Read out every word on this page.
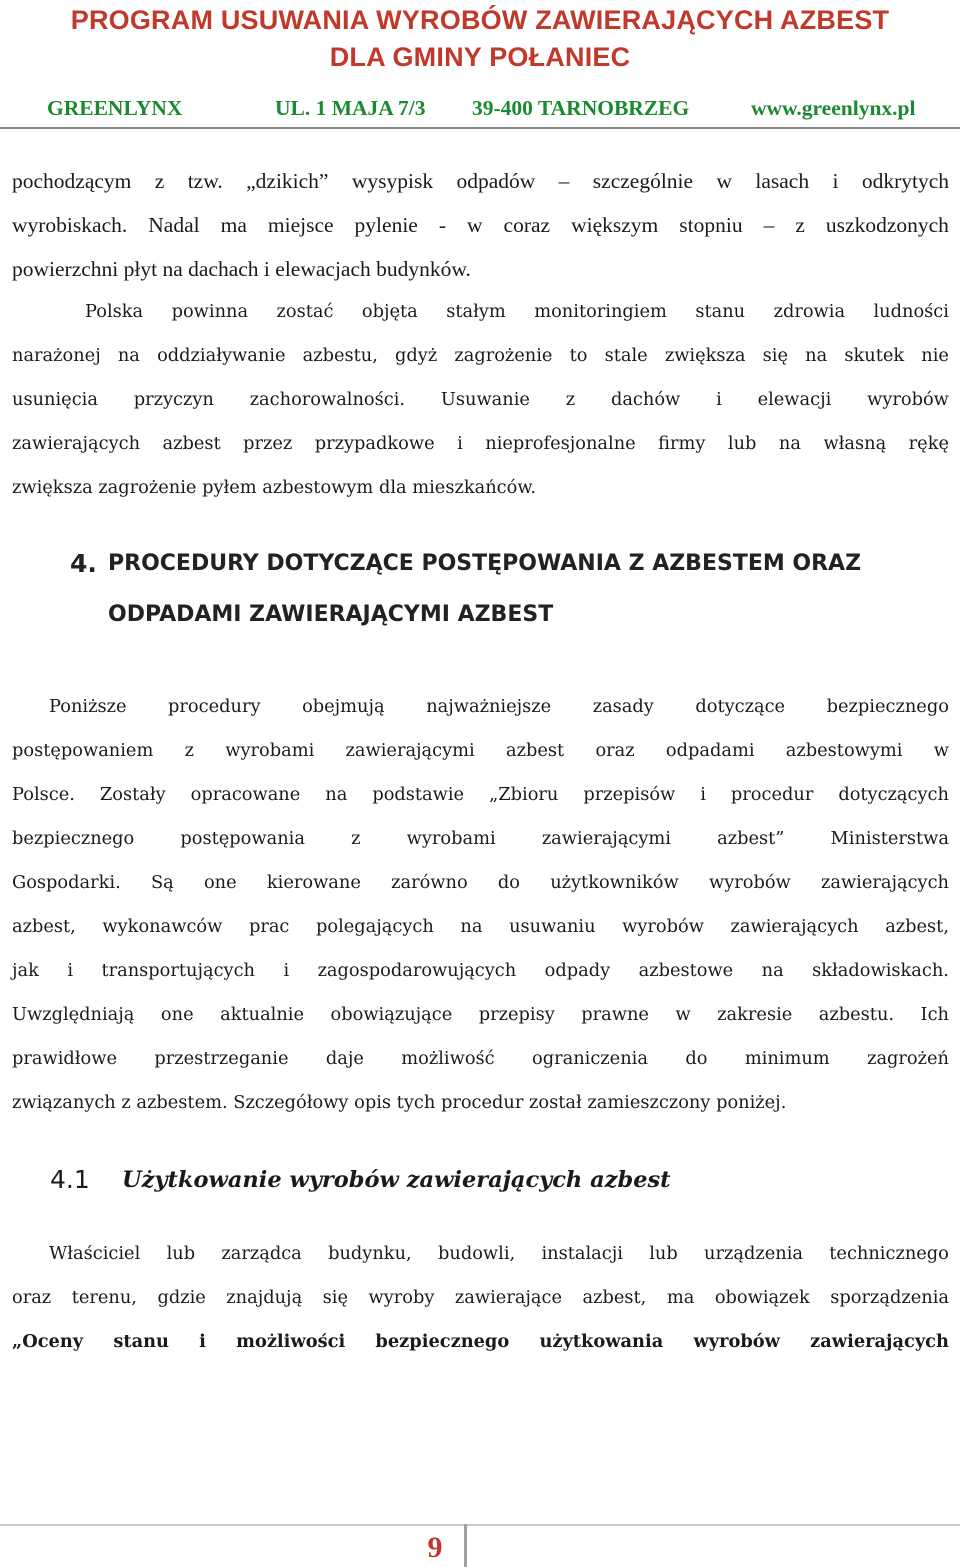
PROGRAM USUWANIA WYROBÓW ZAWIERAJĄCYCH AZBEST
DLA GMINY POŁANIEC
GREENLYNX	UL. 1 MAJA 7/3 39-400 TARNOBRZEG	www.greenlynx.pl
pochodzącym z tzw. „dzikich” wysypisk odpadów – szczególnie w lasach i odkrytych
wyrobiskach. Nadal ma miejsce pylenie - w coraz większym stopniu – z uszkodzonych
powierzchni płyt na dachach i elewacjach budynków.
Polska powinna zostać objęta stałym monitoringiem stanu zdrowia ludności
narażonej na oddziaływanie azbestu, gdyż zagrożenie to stale zwiększa się na skutek nie
usunięcia przyczyn zachorowalności. Usuwanie z dachów i elewacji wyrobów
zawierających azbest przez przypadkowe i nieprofesjonalne firmy lub na własną rękę
zwiększa zagrożenie pyłem azbestowym dla mieszkańców.
4. PROCEDURY DOTYCZĄCE POSTĘPOWANIA Z AZBESTEM ORAZ
ODPADAMI ZAWIERAJĄCYMI AZBEST
Poniższe procedury obejmują najważniejsze zasady dotyczące bezpiecznego
postępowaniem z wyrobami zawierającymi azbest oraz odpadami azbestowymi w
Polsce. Zostały opracowane na podstawie „Zbioru przepisów i procedur dotyczących
bezpiecznego	postępowania	z	wyrobami	zawierającymi	azbest”	Ministerstwa
Gospodarki. Są one kierowane zarówno do użytkowników wyrobów zawierających
azbest, wykonawców prac polegających na usuwaniu wyrobów zawierających azbest,
jak i transportujących i zagospodarowujących odpady azbestowe na składowiskach.
Uwzględniają one aktualnie obowiązujące przepisy prawne w zakresie azbestu. Ich
prawidłowe przestrzeganie daje możliwość ograniczenia do minimum zagrożeń
związanych z azbestem. Szczegółowy opis tych procedur został zamieszczony poniżej.
4.1 Użytkowanie wyrobów zawierających azbest
Właściciel lub zarządca budynku, budowli, instalacji lub urządzenia technicznego
oraz terenu, gdzie znajdują się wyroby zawierające azbest, ma obowiązek sporządzenia
„Oceny stanu i możliwości bezpiecznego użytkowania wyrobów zawierających
9
